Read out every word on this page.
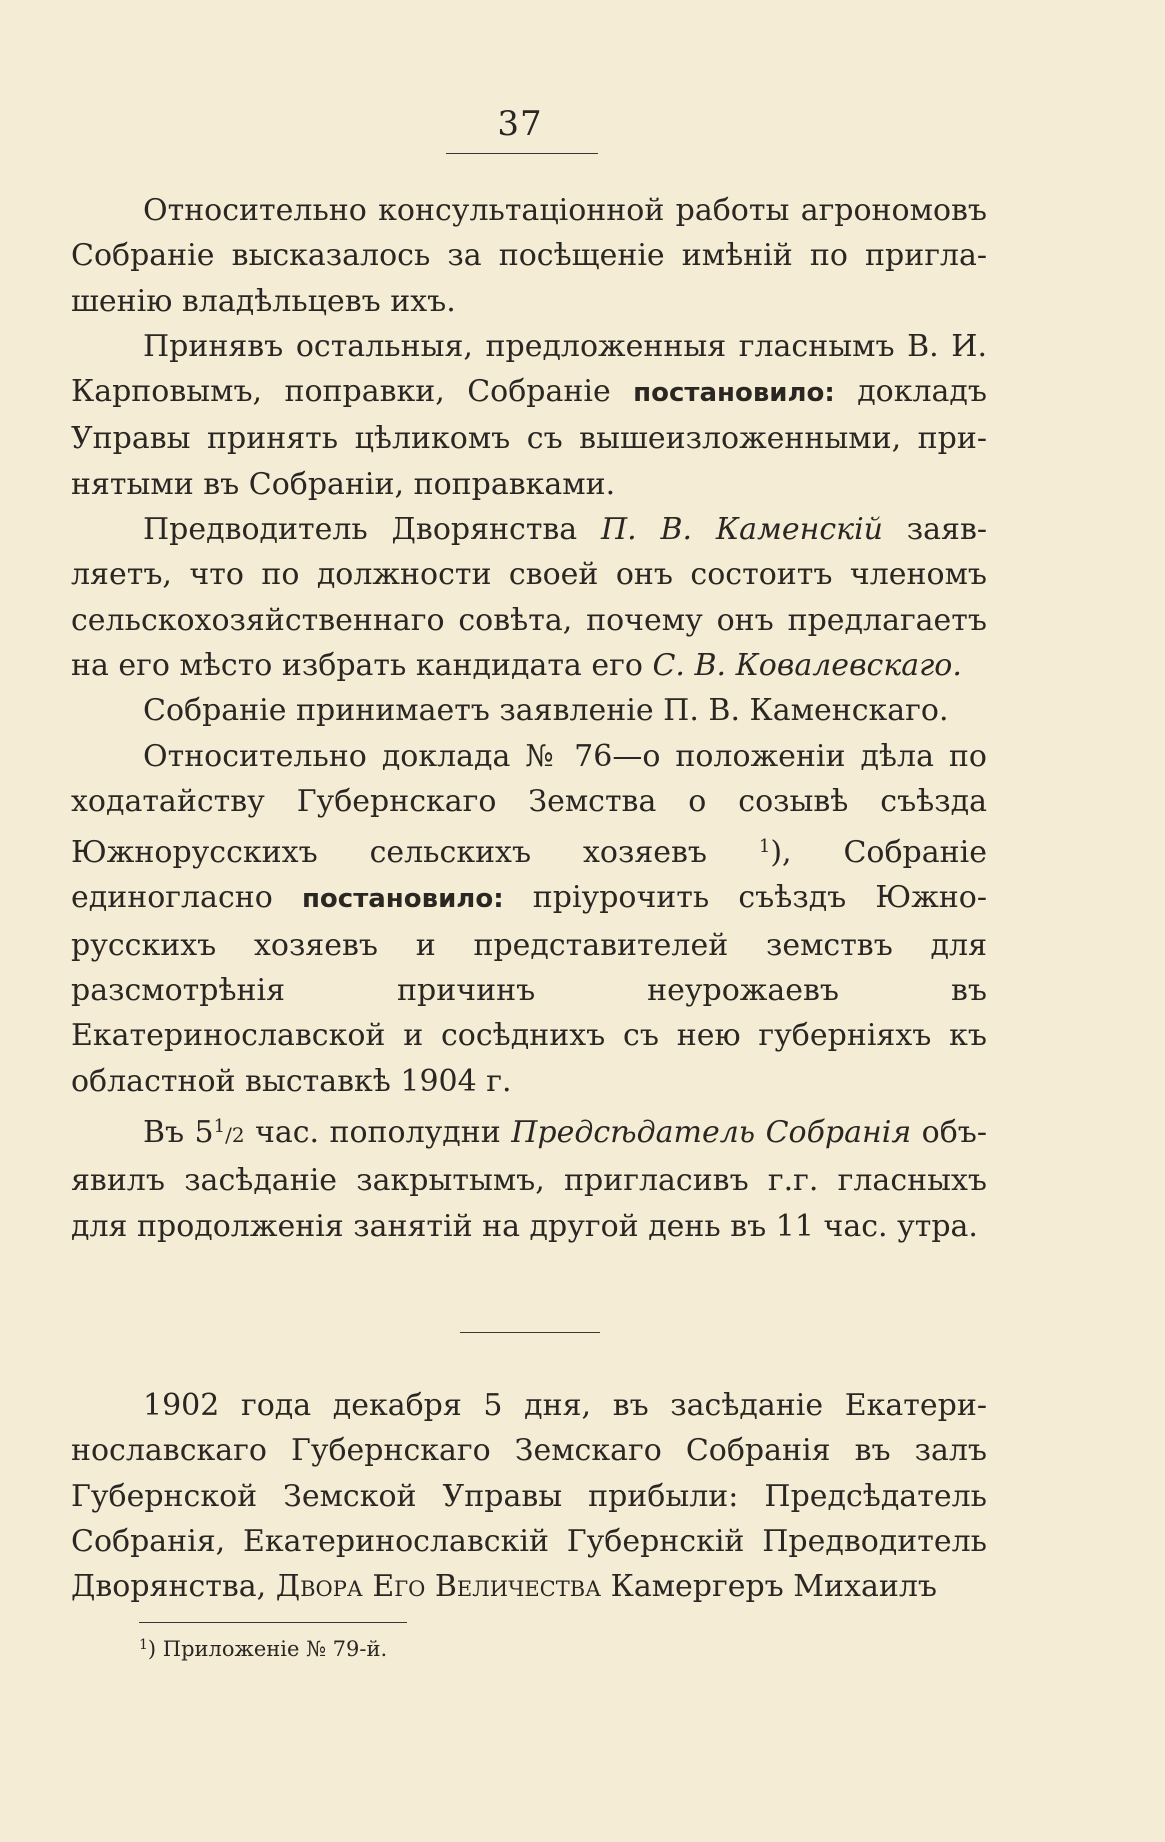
37

Относительно консультаціонной работы агрономовъ Собраніе высказалось за посѣщеніе имѣній по приглашенію владѣльцевъ ихъ.

Принявъ остальныя, предложенныя гласнымъ В. И. Карповымъ, поправки, Собраніе постановило: докладъ Управы принять цѣликомъ съ вышеизложенными, принятыми въ Собраніи, поправками.

Предводитель Дворянства П. В. Каменскій заявляетъ, что по должности своей онъ состоитъ членомъ сельскохозяйственнаго совѣта, почему онъ предлагаетъ на его мѣсто избрать кандидата его С. В. Ковалевскаго.

Собраніе принимаетъ заявленіе П. В. Каменскаго.

Относительно доклада № 76—о положеніи дѣла по ходатайству Губернскаго Земства о созывѣ съѣзда Южнорусскихъ сельскихъ хозяевъ $^1$), Собраніе единогласно постановило: пріурочить съѣздъ Южно-русскихъ хозяевъ и представителей земствъ для разсмотрѣнія причинъ неурожаевъ въ Екатеринославской и сосѣднихъ съ нею губерніяхъ къ областной выставкѣ 1904 г.

Въ $5^1/2$ час. пополудни Предсѣдатель Собранія объявилъ засѣданіе закрытымъ, пригласивъ г.г. гласныхъ для продолженія занятій на другой день въ 11 час. утра.

1902 года декабря 5 дня, въ засѣданіе Екатеринославскаго Губернскаго Земскаго Собранія въ залъ Губернской Земской Управы прибыли: Предсѣдатель Собранія, Екатеринославскій Губернскій Предводитель Дворянства, Двора Его Величества Камергеръ Михаилъ

$^1$) Приложеніе № 79-й.
